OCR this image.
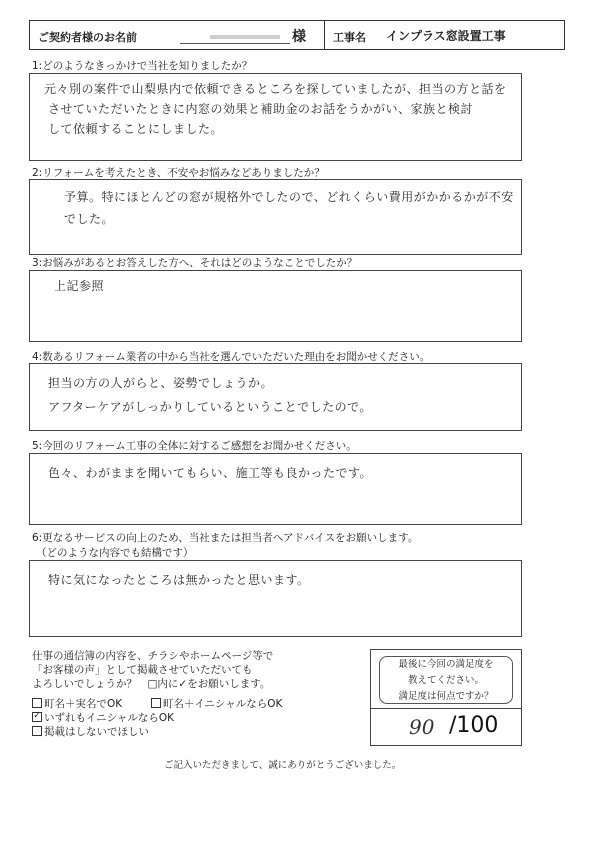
ご契約者様のお名前	様 工事名 インプラス窓設置工事
1:どのようなきっかけで当社を知りましたか？
元々別の案件で山梨県内で依頼できるところを探していましたが、担当の方と話を
させていただいたときに内窓の効果と補助金のお話をうかがい、家族と検討
して依頼することにしました。
2:リフォームを考えたとき、不安やお悩みなどありましたか？
予算。特にほとんどの窓が規格外でしたので、どれくらい費用がかかるかが不安
でした。
3:お悩みがあるとお答えした方へ、それはどのようなことでしたか？
上記参照
4:数あるリフォーム業者の中から当社を選んでいただいた理由をお聞かせください。
担当の方の人がらと、姿勢でしょうか。
アフターケアがしっかりしているということでしたので。
5:今回のリフォーム工事の全体に対するご感想をお聞かせください。
色々、わがままを聞いてもらい、施工等も良かったです。
6:更なるサービスの向上のため、当社または担当者へアドバイスをお願いします。
（どのような内容でも結構です）
特に気になったところは無かったと思います。
仕事の通信簿の内容を、チラシやホームページ等で
「お客様の声」として掲載させていただいても
よろしいでしょうか？　□内に✓をお願いします。
町名＋実名でOK	町名＋イニシャルならOK
✓ いずれもイニシャルならOK
掲載はしないでほしい
最後に今回の満足度を
教えてください。
満足度は何点ですか？
90 /100
ご記入いただきまして、誠にありがとうございました。
